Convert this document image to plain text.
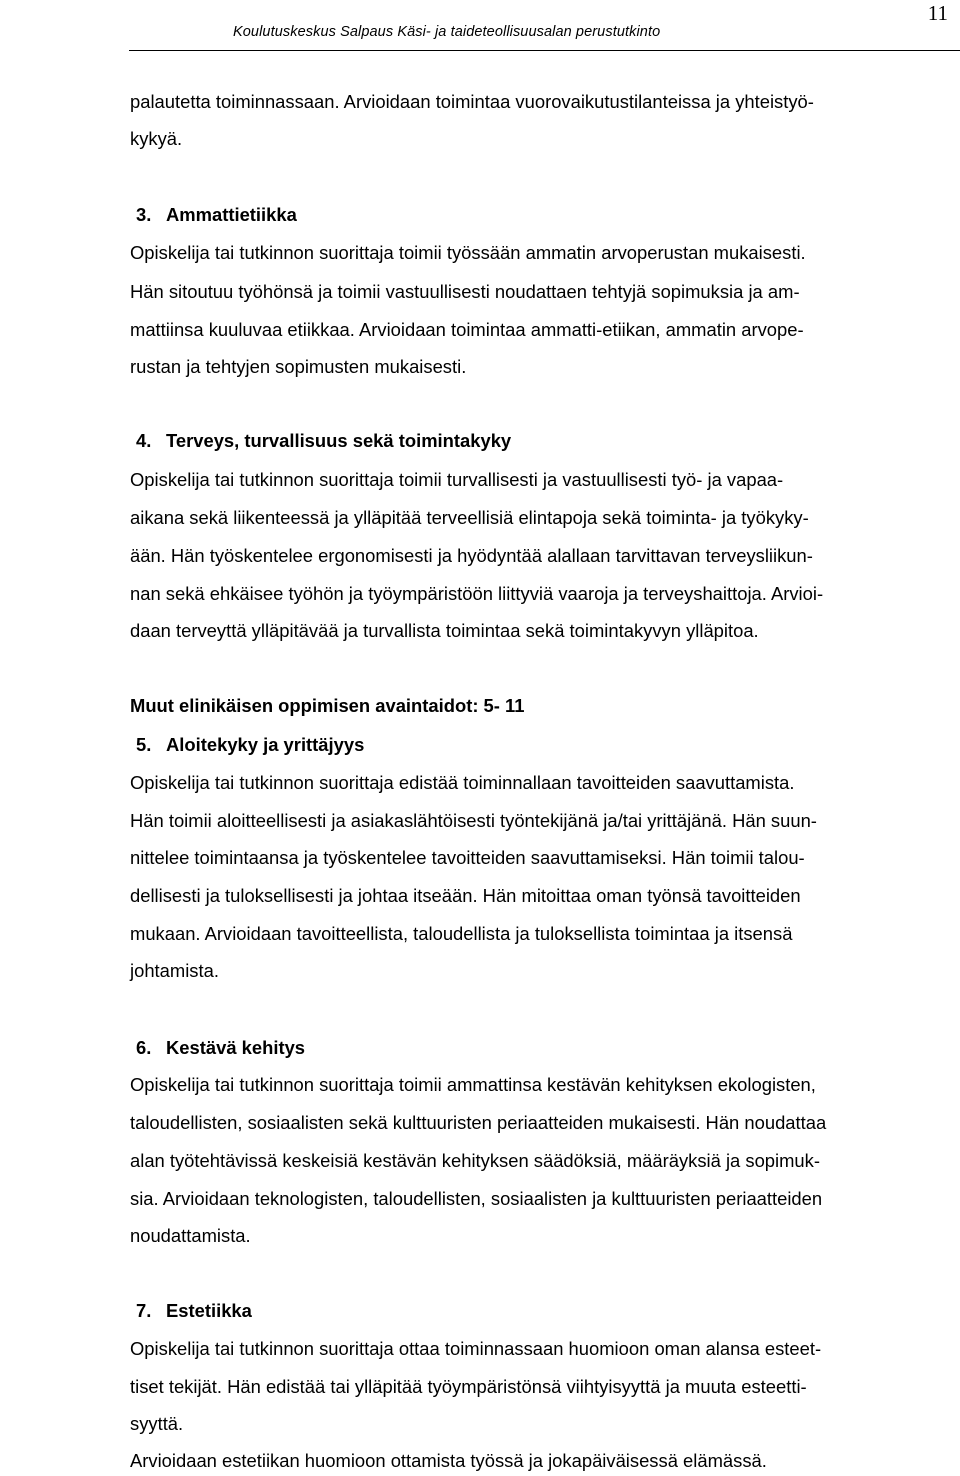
11
Koulutuskeskus Salpaus Käsi- ja taideteollisuusalan perustutkinto
palautetta toiminnassaan. Arvioidaan toimintaa vuorovaikutustilanteissa ja yhteistyö-
kykyä.
3. Ammattietiikka
Opiskelija tai tutkinnon suorittaja toimii työssään ammatin arvoperustan mukaisesti.
Hän sitoutuu työhönsä ja toimii vastuullisesti noudattaen tehtyjä sopimuksia ja am-
mattiinsa kuuluvaa etiikkaa. Arvioidaan toimintaa ammatti-etiikan, ammatin arvope-
rustan ja tehtyjen sopimusten mukaisesti.
4. Terveys, turvallisuus sekä toimintakyky
Opiskelija tai tutkinnon suorittaja toimii turvallisesti ja vastuullisesti työ- ja vapaa-
aikana sekä liikenteessä ja ylläpitää terveellisiä elintapoja sekä toiminta- ja työkyky-
ään. Hän työskentelee ergonomisesti ja hyödyntää alallaan tarvittavan terveysliikun-
nan sekä ehkäisee työhön ja työympäristöön liittyviä vaaroja ja terveyshaittoja. Arvioi-
daan terveyttä ylläpitävää ja turvallista toimintaa sekä toimintakyvyn ylläpitoa.
Muut elinikäisen oppimisen avaintaidot: 5- 11
5. Aloitekyky ja yrittäjyys
Opiskelija tai tutkinnon suorittaja edistää toiminnallaan tavoitteiden saavuttamista.
Hän toimii aloitteellisesti ja asiakaslähtöisesti työntekijänä ja/tai yrittäjänä. Hän suun-
nittelee toimintaansa ja työskentelee tavoitteiden saavuttamiseksi. Hän toimii talou-
dellisesti ja tuloksellisesti ja johtaa itseään. Hän mitoittaa oman työnsä tavoitteiden
mukaan. Arvioidaan tavoitteellista, taloudellista ja tuloksellista toimintaa ja itsensä
johtamista.
6. Kestävä kehitys
Opiskelija tai tutkinnon suorittaja toimii ammattinsa kestävän kehityksen ekologisten,
taloudellisten, sosiaalisten sekä kulttuuristen periaatteiden mukaisesti. Hän noudattaa
alan työtehtävissä keskeisiä kestävän kehityksen säädöksiä, määräyksiä ja sopimuk-
sia. Arvioidaan teknologisten, taloudellisten, sosiaalisten ja kulttuuristen periaatteiden
noudattamista.
7. Estetiikka
Opiskelija tai tutkinnon suorittaja ottaa toiminnassaan huomioon oman alansa esteet-
tiset tekijät. Hän edistää tai ylläpitää työympäristönsä viihtyisyyttä ja muuta esteetti-
syyttä.
Arvioidaan estetiikan huomioon ottamista työssä ja jokapäiväisessä elämässä.
